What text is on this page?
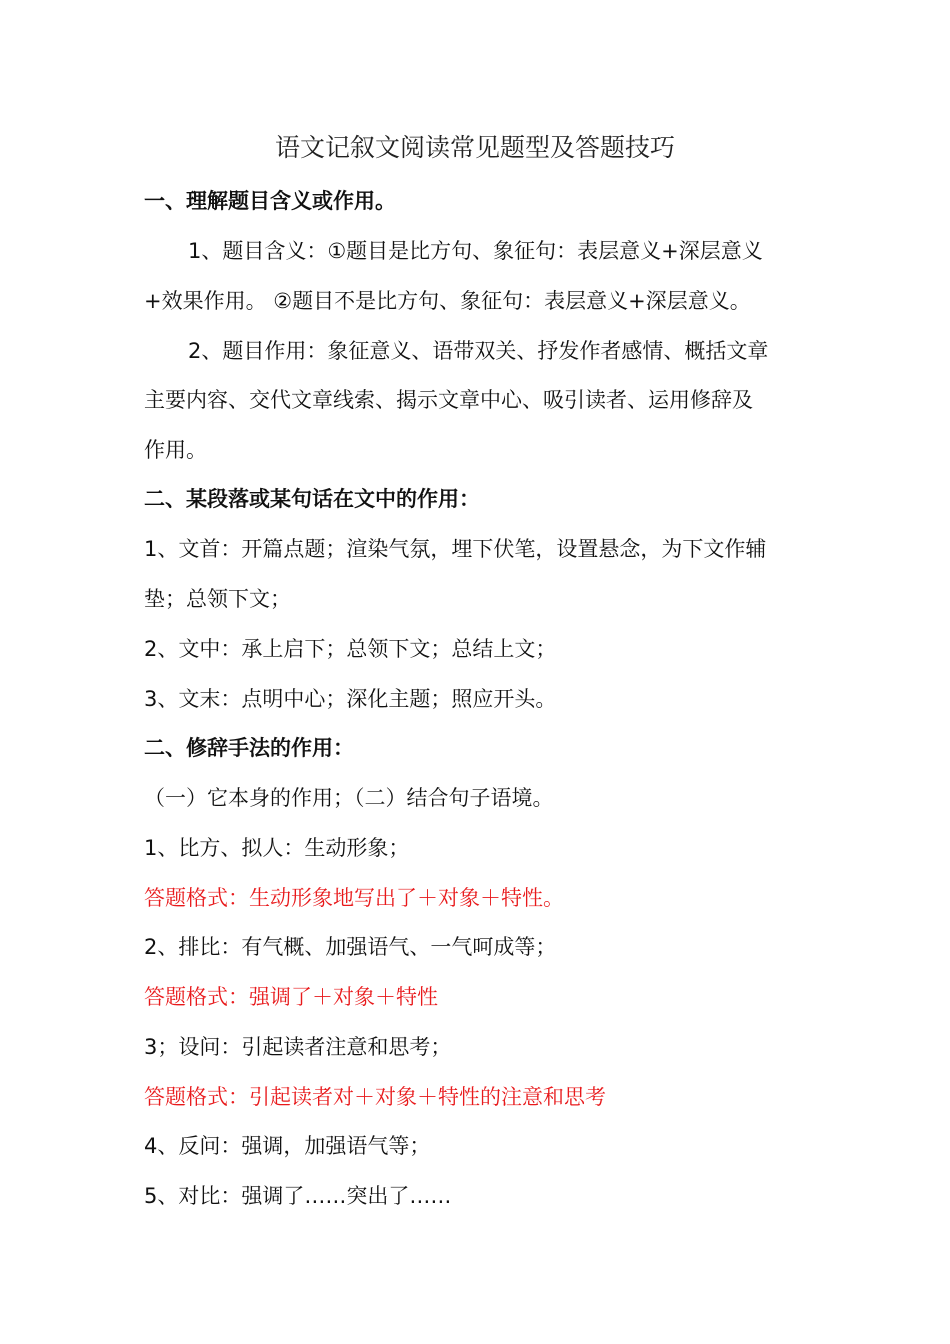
语文记叙文阅读常见题型及答题技巧
一、理解题目含义或作用。
1、题目含义：①题目是比方句、象征句：表层意义+深层意义
+效果作用。 ②题目不是比方句、象征句：表层意义+深层意义。
2、题目作用：象征意义、语带双关、抒发作者感情、概括文章
主要内容、交代文章线索、揭示文章中心、吸引读者、运用修辞及
作用。
二、某段落或某句话在文中的作用：
1、文首：开篇点题；渲染气氛，埋下伏笔，设置悬念，为下文作辅
垫；总领下文；
2、文中：承上启下；总领下文；总结上文；
3、文末：点明中心；深化主题；照应开头。
二、修辞手法的作用：
（一）它本身的作用；（二）结合句子语境。
1、比方、拟人：生动形象；
答题格式：生动形象地写出了＋对象＋特性。
2、排比：有气概、加强语气、一气呵成等；
答题格式：强调了＋对象＋特性
3；设问：引起读者注意和思考；
答题格式：引起读者对＋对象＋特性的注意和思考
4、反问：强调，加强语气等；
5、对比：强调了……突出了……
